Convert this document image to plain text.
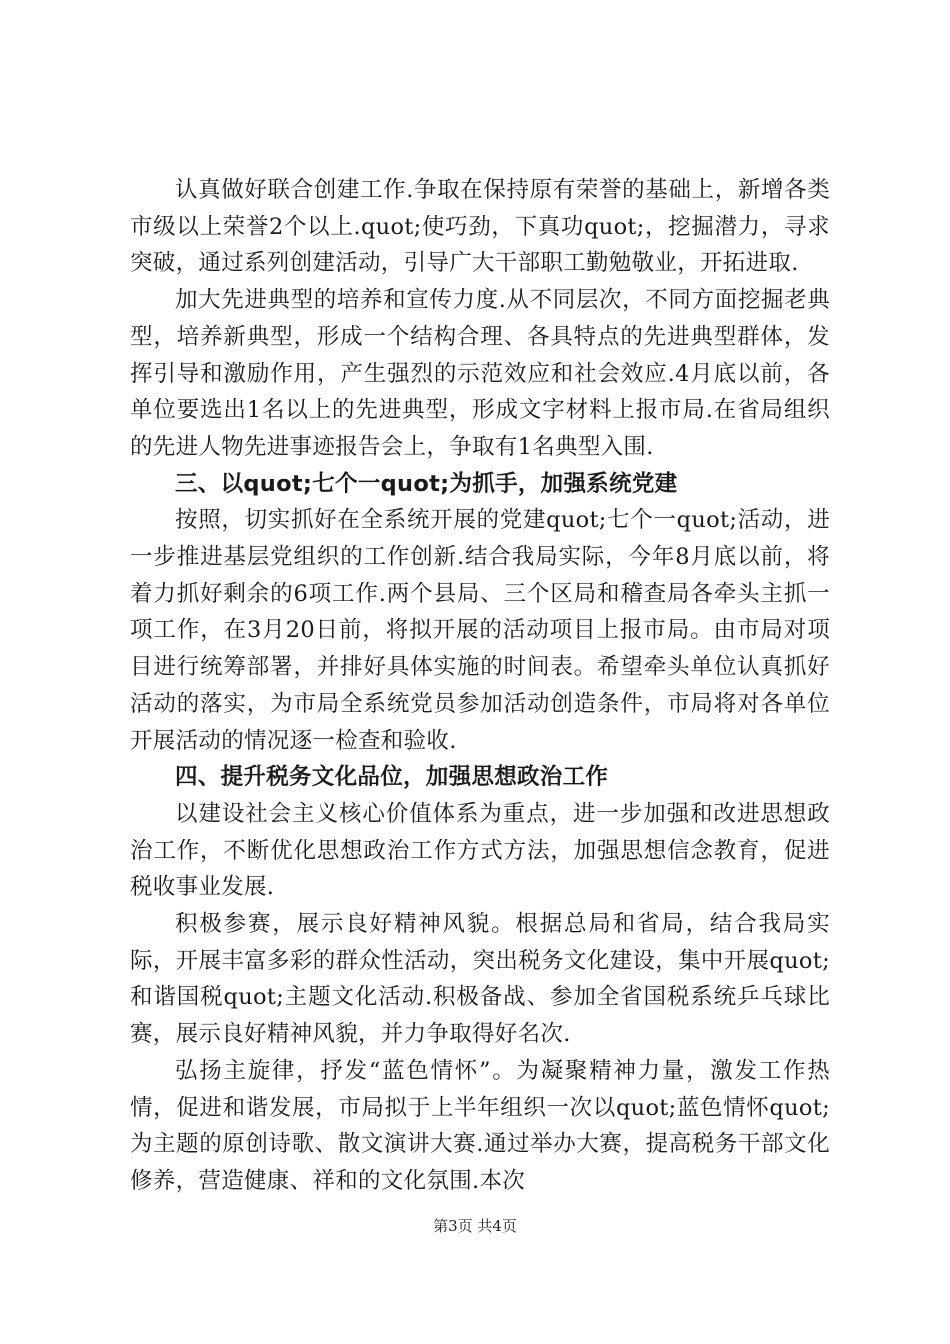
认真做好联合创建工作.争取在保持原有荣誉的基础上，新增各类市级以上荣誉2个以上.quot;使巧劲，下真功quot;，挖掘潜力，寻求突破，通过系列创建活动，引导广大干部职工勤勉敬业，开拓进取.

加大先进典型的培养和宣传力度.从不同层次，不同方面挖掘老典型，培养新典型，形成一个结构合理、各具特点的先进典型群体，发挥引导和激励作用，产生强烈的示范效应和社会效应.4月底以前，各单位要选出1名以上的先进典型，形成文字材料上报市局.在省局组织的先进人物先进事迹报告会上，争取有1名典型入围.

三、以quot;七个一quot;为抓手，加强系统党建

按照，切实抓好在全系统开展的党建quot;七个一quot;活动，进一步推进基层党组织的工作创新.结合我局实际，今年8月底以前，将着力抓好剩余的6项工作.两个县局、三个区局和稽查局各牵头主抓一项工作，在3月20日前，将拟开展的活动项目上报市局。由市局对项目进行统筹部署，并排好具体实施的时间表。希望牵头单位认真抓好活动的落实，为市局全系统党员参加活动创造条件，市局将对各单位开展活动的情况逐一检查和验收.

四、提升税务文化品位，加强思想政治工作

以建设社会主义核心价值体系为重点，进一步加强和改进思想政治工作，不断优化思想政治工作方式方法，加强思想信念教育，促进税收事业发展.

积极参赛，展示良好精神风貌。根据总局和省局，结合我局实际，开展丰富多彩的群众性活动，突出税务文化建设，集中开展quot;和谐国税quot;主题文化活动.积极备战、参加全省国税系统乒乓球比赛，展示良好精神风貌，并力争取得好名次.

弘扬主旋律，抒发“蓝色情怀”。为凝聚精神力量，激发工作热情，促进和谐发展，市局拟于上半年组织一次以quot;蓝色情怀quot;为主题的原创诗歌、散文演讲大赛.通过举办大赛，提高税务干部文化修养，营造健康、祥和的文化氛围.本次

第3页 共4页
